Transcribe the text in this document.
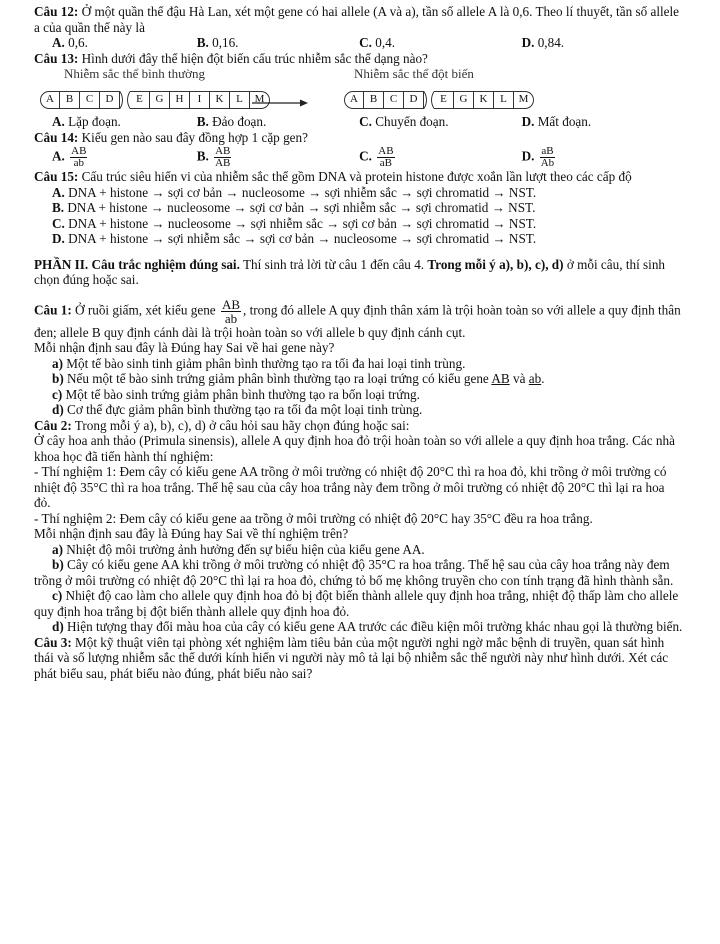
Câu 12: Ở một quần thể đậu Hà Lan, xét một gene có hai allele (A và a), tần số allele A là 0,6. Theo lí thuyết, tần số allele a của quần thể này là

A. 0,6.	B. 0,16.	C. 0,4.	D. 0,84.

Câu 13: Hình dưới đây thể hiện đột biến cấu trúc nhiễm sắc thể dạng nào?

Nhiễm sắc thể bình thường	Nhiễm sắc thể đột biến
A	B	C	D	E	G	H	I	K	L	M	A	B	C	D	E	G	K	L	M
A. Lặp đoạn.	B. Đảo đoạn.	C. Chuyển đoạn.	D. Mất đoạn.

Câu 14: Kiểu gen nào sau đây đồng hợp 1 cặp gen?

A. $\frac{AB}{ab}$	B. $\frac{AB}{AB}$	C. $\frac{AB}{aB}$	D. $\frac{aB}{Ab}$

Câu 15: Cấu trúc siêu hiển vi của nhiễm sắc thể gồm DNA và protein histone được xoắn lần lượt theo các cấp độ

A. DNA + histone → sợi cơ bản → nucleosome → sợi nhiễm sắc → sợi chromatid → NST.

B. DNA + histone → nucleosome → sợi cơ bản → sợi nhiễm sắc → sợi chromatid → NST.

C. DNA + histone → nucleosome → sợi nhiễm sắc → sợi cơ bản → sợi chromatid → NST.

D. DNA + histone → sợi nhiễm sắc → sợi cơ bản → nucleosome → sợi chromatid → NST.

PHẦN II. Câu trắc nghiệm đúng sai. Thí sinh trả lời từ câu 1 đến câu 4. Trong mỗi ý a), b), c), d) ở mỗi câu, thí sinh chọn đúng hoặc sai.

Câu 1: Ở ruồi giấm, xét kiểu gene $\frac{AB}{ab}$ , trong đó allele A quy định thân xám là trội hoàn toàn so với allele a quy định thân đen; allele B quy định cánh dài là trội hoàn toàn so với allele b quy định cánh cụt.

Mỗi nhận định sau đây là Đúng hay Sai về hai gene này?

a) Một tế bào sinh tinh giảm phân bình thường tạo ra tối đa hai loại tinh trùng.

b) Nếu một tế bào sinh trứng giảm phân bình thường tạo ra loại trứng có kiểu gene AB và ab.

c) Một tế bào sinh trứng giảm phân bình thường tạo ra bốn loại trứng.

d) Cơ thể đực giảm phân bình thường tạo ra tối đa một loại tinh trùng.

Câu 2: Trong mỗi ý a), b), c), d) ở câu hỏi sau hãy chọn đúng hoặc sai:

Ở cây hoa anh thảo (Primula sinensis), allele A quy định hoa đỏ trội hoàn toàn so với allele a quy định hoa trắng. Các nhà khoa học đã tiến hành thí nghiệm:

- Thí nghiệm 1: Đem cây có kiểu gene AA trồng ở môi trường có nhiệt độ 20°C thì ra hoa đỏ, khi trồng ở môi trường có nhiệt độ 35°C thì ra hoa trắng. Thế hệ sau của cây hoa trắng này đem trồng ở môi trường có nhiệt độ 20°C thì lại ra hoa đỏ.

- Thí nghiệm 2: Đem cây có kiểu gene aa trồng ở môi trường có nhiệt độ 20°C hay 35°C đều ra hoa trắng.

Mỗi nhận định sau đây là Đúng hay Sai về thí nghiệm trên?

a) Nhiệt độ môi trường ảnh hưởng đến sự biểu hiện của kiểu gene AA.

b) Cây có kiểu gene AA khi trồng ở môi trường có nhiệt độ 35°C ra hoa trắng. Thế hệ sau của cây hoa trắng này đem trồng ở môi trường có nhiệt độ 20°C thì lại ra hoa đỏ, chứng tỏ bố mẹ không truyền cho con tính trạng đã hình thành sẵn.

c) Nhiệt độ cao làm cho allele quy định hoa đỏ bị đột biến thành allele quy định hoa trắng, nhiệt độ thấp làm cho allele quy định hoa trắng bị đột biến thành allele quy định hoa đỏ.

d) Hiện tượng thay đổi màu hoa của cây có kiểu gene AA trước các điều kiện môi trường khác nhau gọi là thường biến.

Câu 3: Một kỹ thuật viên tại phòng xét nghiệm làm tiêu bản của một người nghi ngờ mắc bệnh di truyền, quan sát hình thái và số lượng nhiễm sắc thể dưới kính hiển vi người này mô tả lại bộ nhiễm sắc thể người này như hình dưới. Xét các phát biểu sau, phát biểu nào đúng, phát biểu nào sai?
